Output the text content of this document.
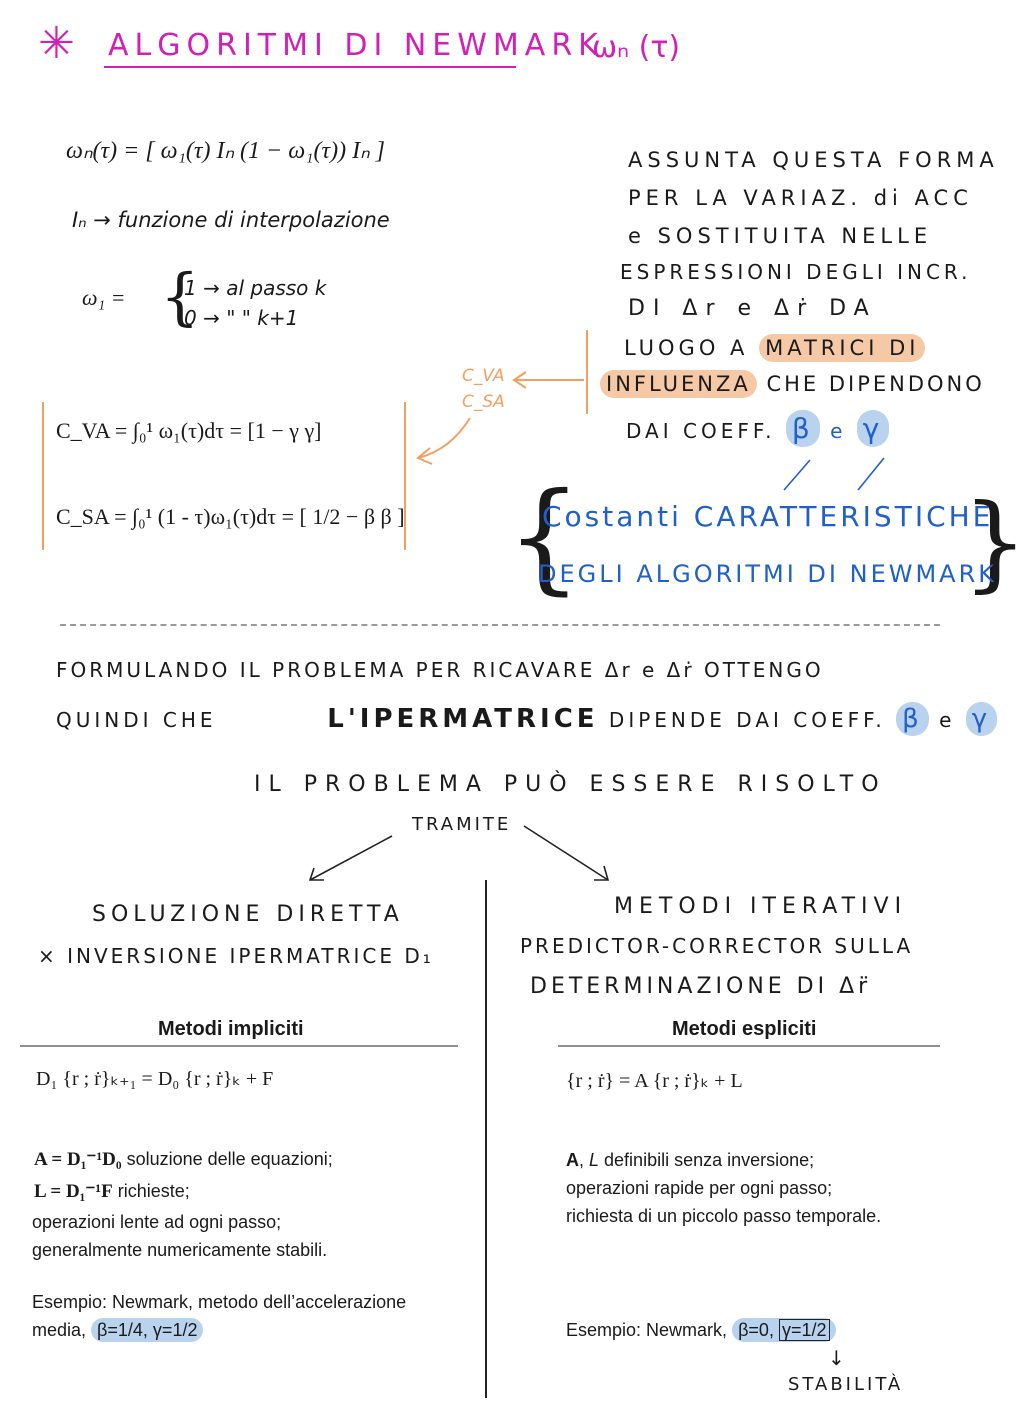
✳ ALGORITMI DI NEWMARK
ωₙ (τ)
ωₙ(τ) = [ ω₁(τ) Iₙ (1 − ω₁(τ)) Iₙ ]
Iₙ → funzione di interpolazione
ω₁ = {
1 → al passo k
0 → " " k+1
ASSUNTA QUESTA FORMA
PER LA VARIAZ. di ACC
e SOSTITUITA NELLE
ESPRESSIONI DEGLI INCR.
DI Δr e Δṙ DA
LUOGO A MATRICI DI
INFLUENZA CHE DIPENDONO
DAI COEFF. β e γ
C_VA
C_SA
C_VA = ∫₀¹ ω₁(τ)dτ = [1 − γ γ]
C_SA = ∫₀¹ (1 - τ)ω₁(τ)dτ = [ 1/2 − β β ] {	}
Costanti CARATTERISTICHE
DEGLI ALGORITMI DI NEWMARK
FORMULANDO IL PROBLEMA PER RICAVARE Δr e Δṙ OTTENGO
QUINDI CHE	L'IPERMATRICE DIPENDE DAI COEFF. β e γ
IL PROBLEMA PUÒ ESSERE RISOLTO
TRAMITE
SOLUZIONE DIRETTA
× INVERSIONE IPERMATRICE D₁
Metodi impliciti
D₁ {r ; ṙ}ₖ₊₁ = D₀ {r ; ṙ}ₖ + F
A = D₁⁻¹D₀ soluzione delle equazioni;
L = D₁⁻¹F richieste;
operazioni lente ad ogni passo;
generalmente numericamente stabili.
Esempio: Newmark, metodo dell’accelerazione
media, β=1/4, γ=1/2
METODI ITERATIVI
PREDICTOR-CORRECTOR SULLA
DETERMINAZIONE DI Δr̈
Metodi espliciti
{r ; ṙ} = A {r ; ṙ}ₖ + L
A, L definibili senza inversione;
operazioni rapide per ogni passo;
richiesta di un piccolo passo temporale.
Esempio: Newmark, β=0, γ=1/2
↓
STABILITÀ
